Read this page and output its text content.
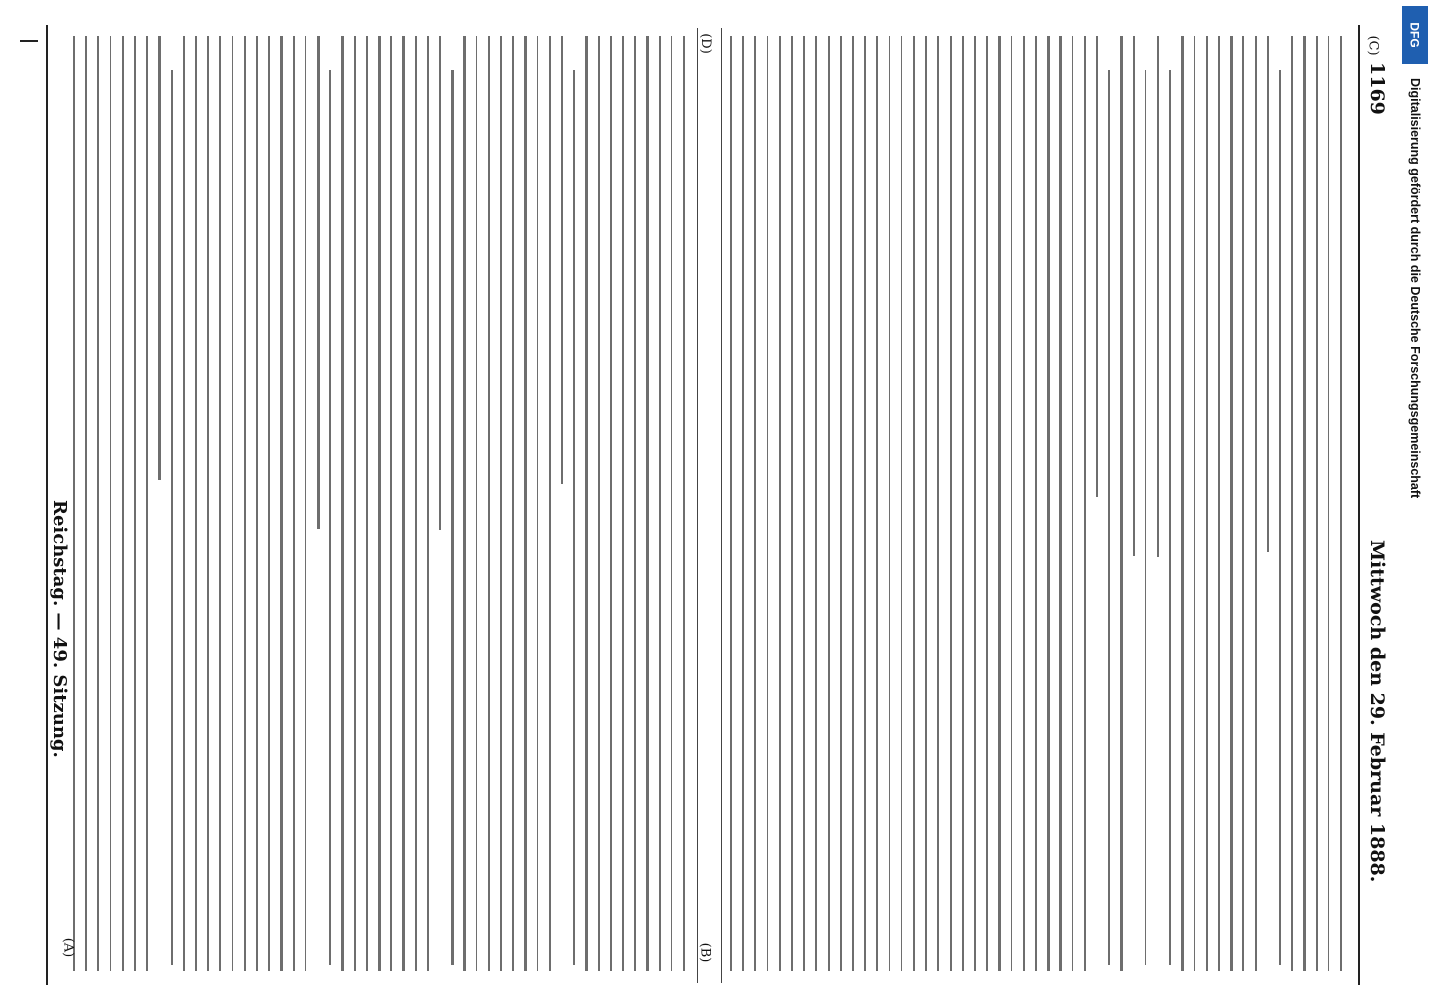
1169
Mittwoch den 29. Februar 1888.
Reichstag. — 49. Sitzung.
(A)	(B)
(C)
(D)	DFG
Digitalisierung gefördert durch die Deutsche Forschungsgemeinschaft
